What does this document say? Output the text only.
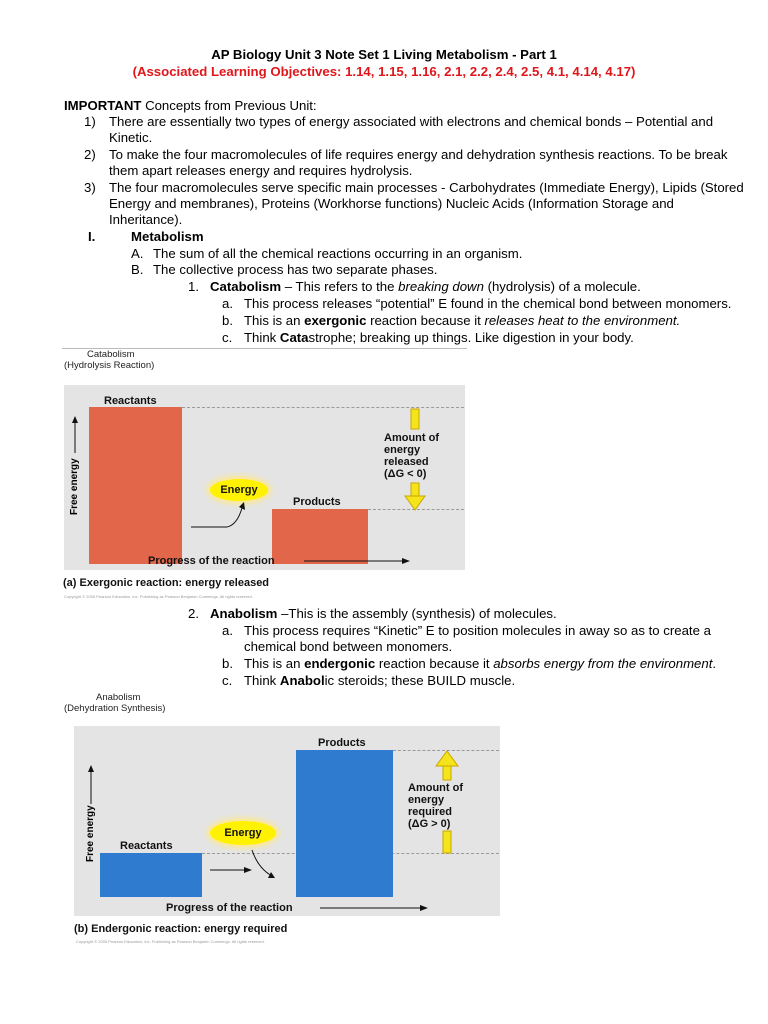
AP Biology Unit 3 Note Set 1 Living Metabolism - Part 1
(Associated Learning Objectives: 1.14, 1.15, 1.16, 2.1, 2.2, 2.4, 2.5, 4.1, 4.14, 4.17)
IMPORTANT Concepts from Previous Unit:
1) There are essentially two types of energy associated with electrons and chemical bonds – Potential and
Kinetic.
2) To make the four macromolecules of life requires energy and dehydration synthesis reactions. To be break
them apart releases energy and requires hydrolysis.
3) The four macromolecules serve specific main processes - Carbohydrates (Immediate Energy), Lipids (Stored
Energy and membranes), Proteins (Workhorse functions) Nucleic Acids (Information Storage and
Inheritance).
I.	Metabolism
A. The sum of all the chemical reactions occurring in an organism.
B. The collective process has two separate phases.
1. Catabolism – This refers to the breaking down (hydrolysis) of a molecule.
a. This process releases “potential” E found in the chemical bond between monomers.
b. This is an exergonic reaction because it releases heat to the environment.
c. Think Catastrophe; breaking up things. Like digestion in your body.
Catabolism
(Hydrolysis Reaction)
Reactants
Products
Energy
Amount of
energy
released
(ΔG < 0)
Free energy
Progress of the reaction
(a) Exergonic reaction: energy released
Copyright © 2005 Pearson Education, Inc. Publishing as Pearson Benjamin Cummings. All rights reserved.
2. Anabolism –This is the assembly (synthesis) of molecules.
a. This process requires “Kinetic” E to position molecules in away so as to create a
chemical bond between monomers.
b. This is an endergonic reaction because it absorbs energy from the environment.
c. Think Anabolic steroids; these BUILD muscle.
Anabolism
(Dehydration Synthesis)
Reactants
Products
Energy
Amount of
energy
required
(ΔG > 0)
Free energy
Progress of the reaction
(b) Endergonic reaction: energy required
Copyright © 2005 Pearson Education, Inc. Publishing as Pearson Benjamin Cummings. All rights reserved.
